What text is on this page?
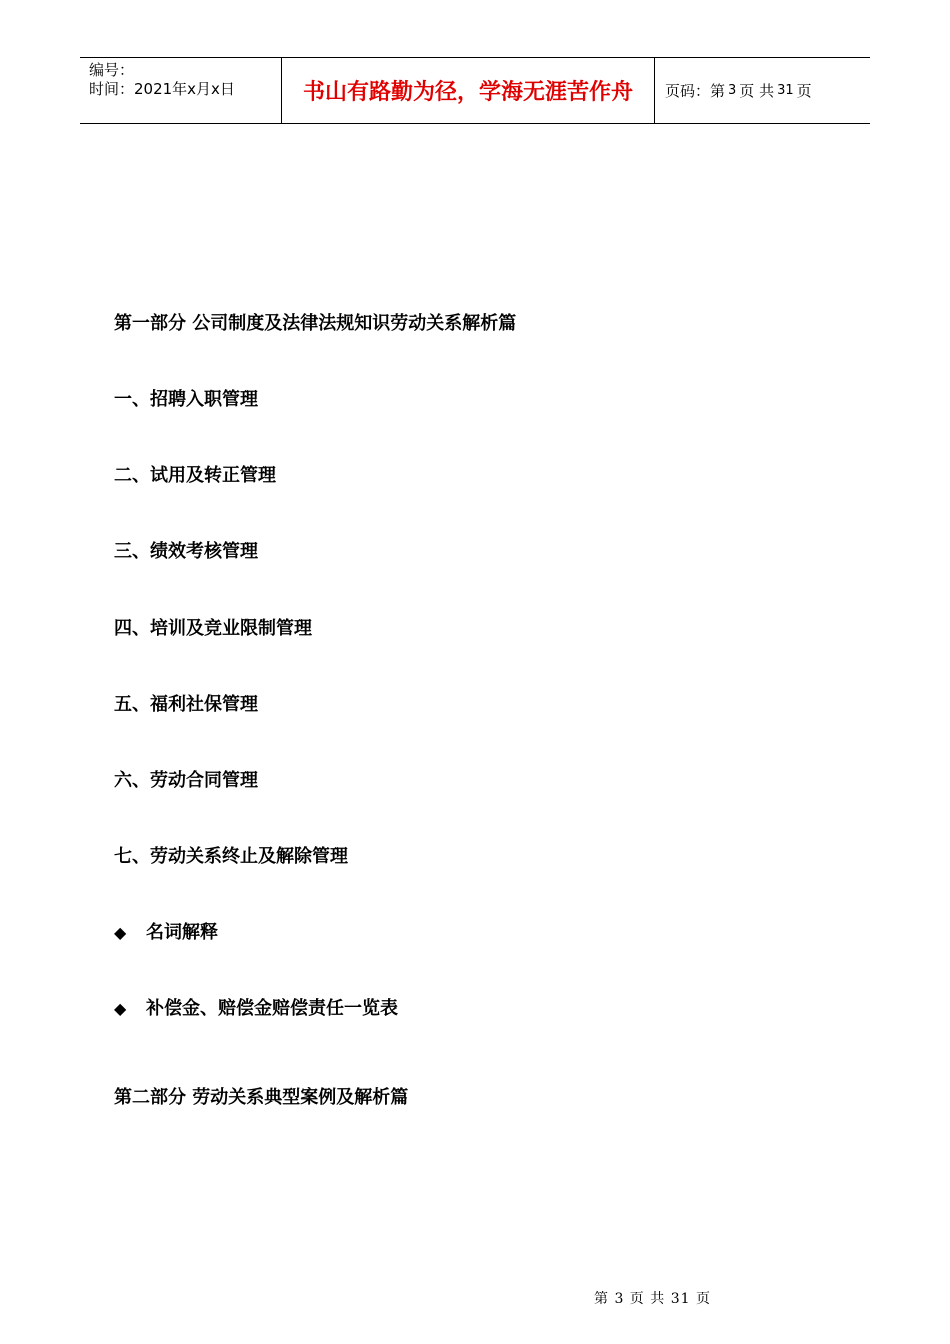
编号：
时间：2021年x月x日	书山有路勤为径，学海无涯苦作舟	页码：第 3 页 共 31 页
第一部分 公司制度及法律法规知识劳动关系解析篇
一、招聘入职管理
二、试用及转正管理
三、绩效考核管理
四、培训及竞业限制管理
五、福利社保管理
六、劳动合同管理
七、劳动关系终止及解除管理
◆ 名词解释
◆ 补偿金、赔偿金赔偿责任一览表
第二部分 劳动关系典型案例及解析篇
第 3 页 共 31 页
